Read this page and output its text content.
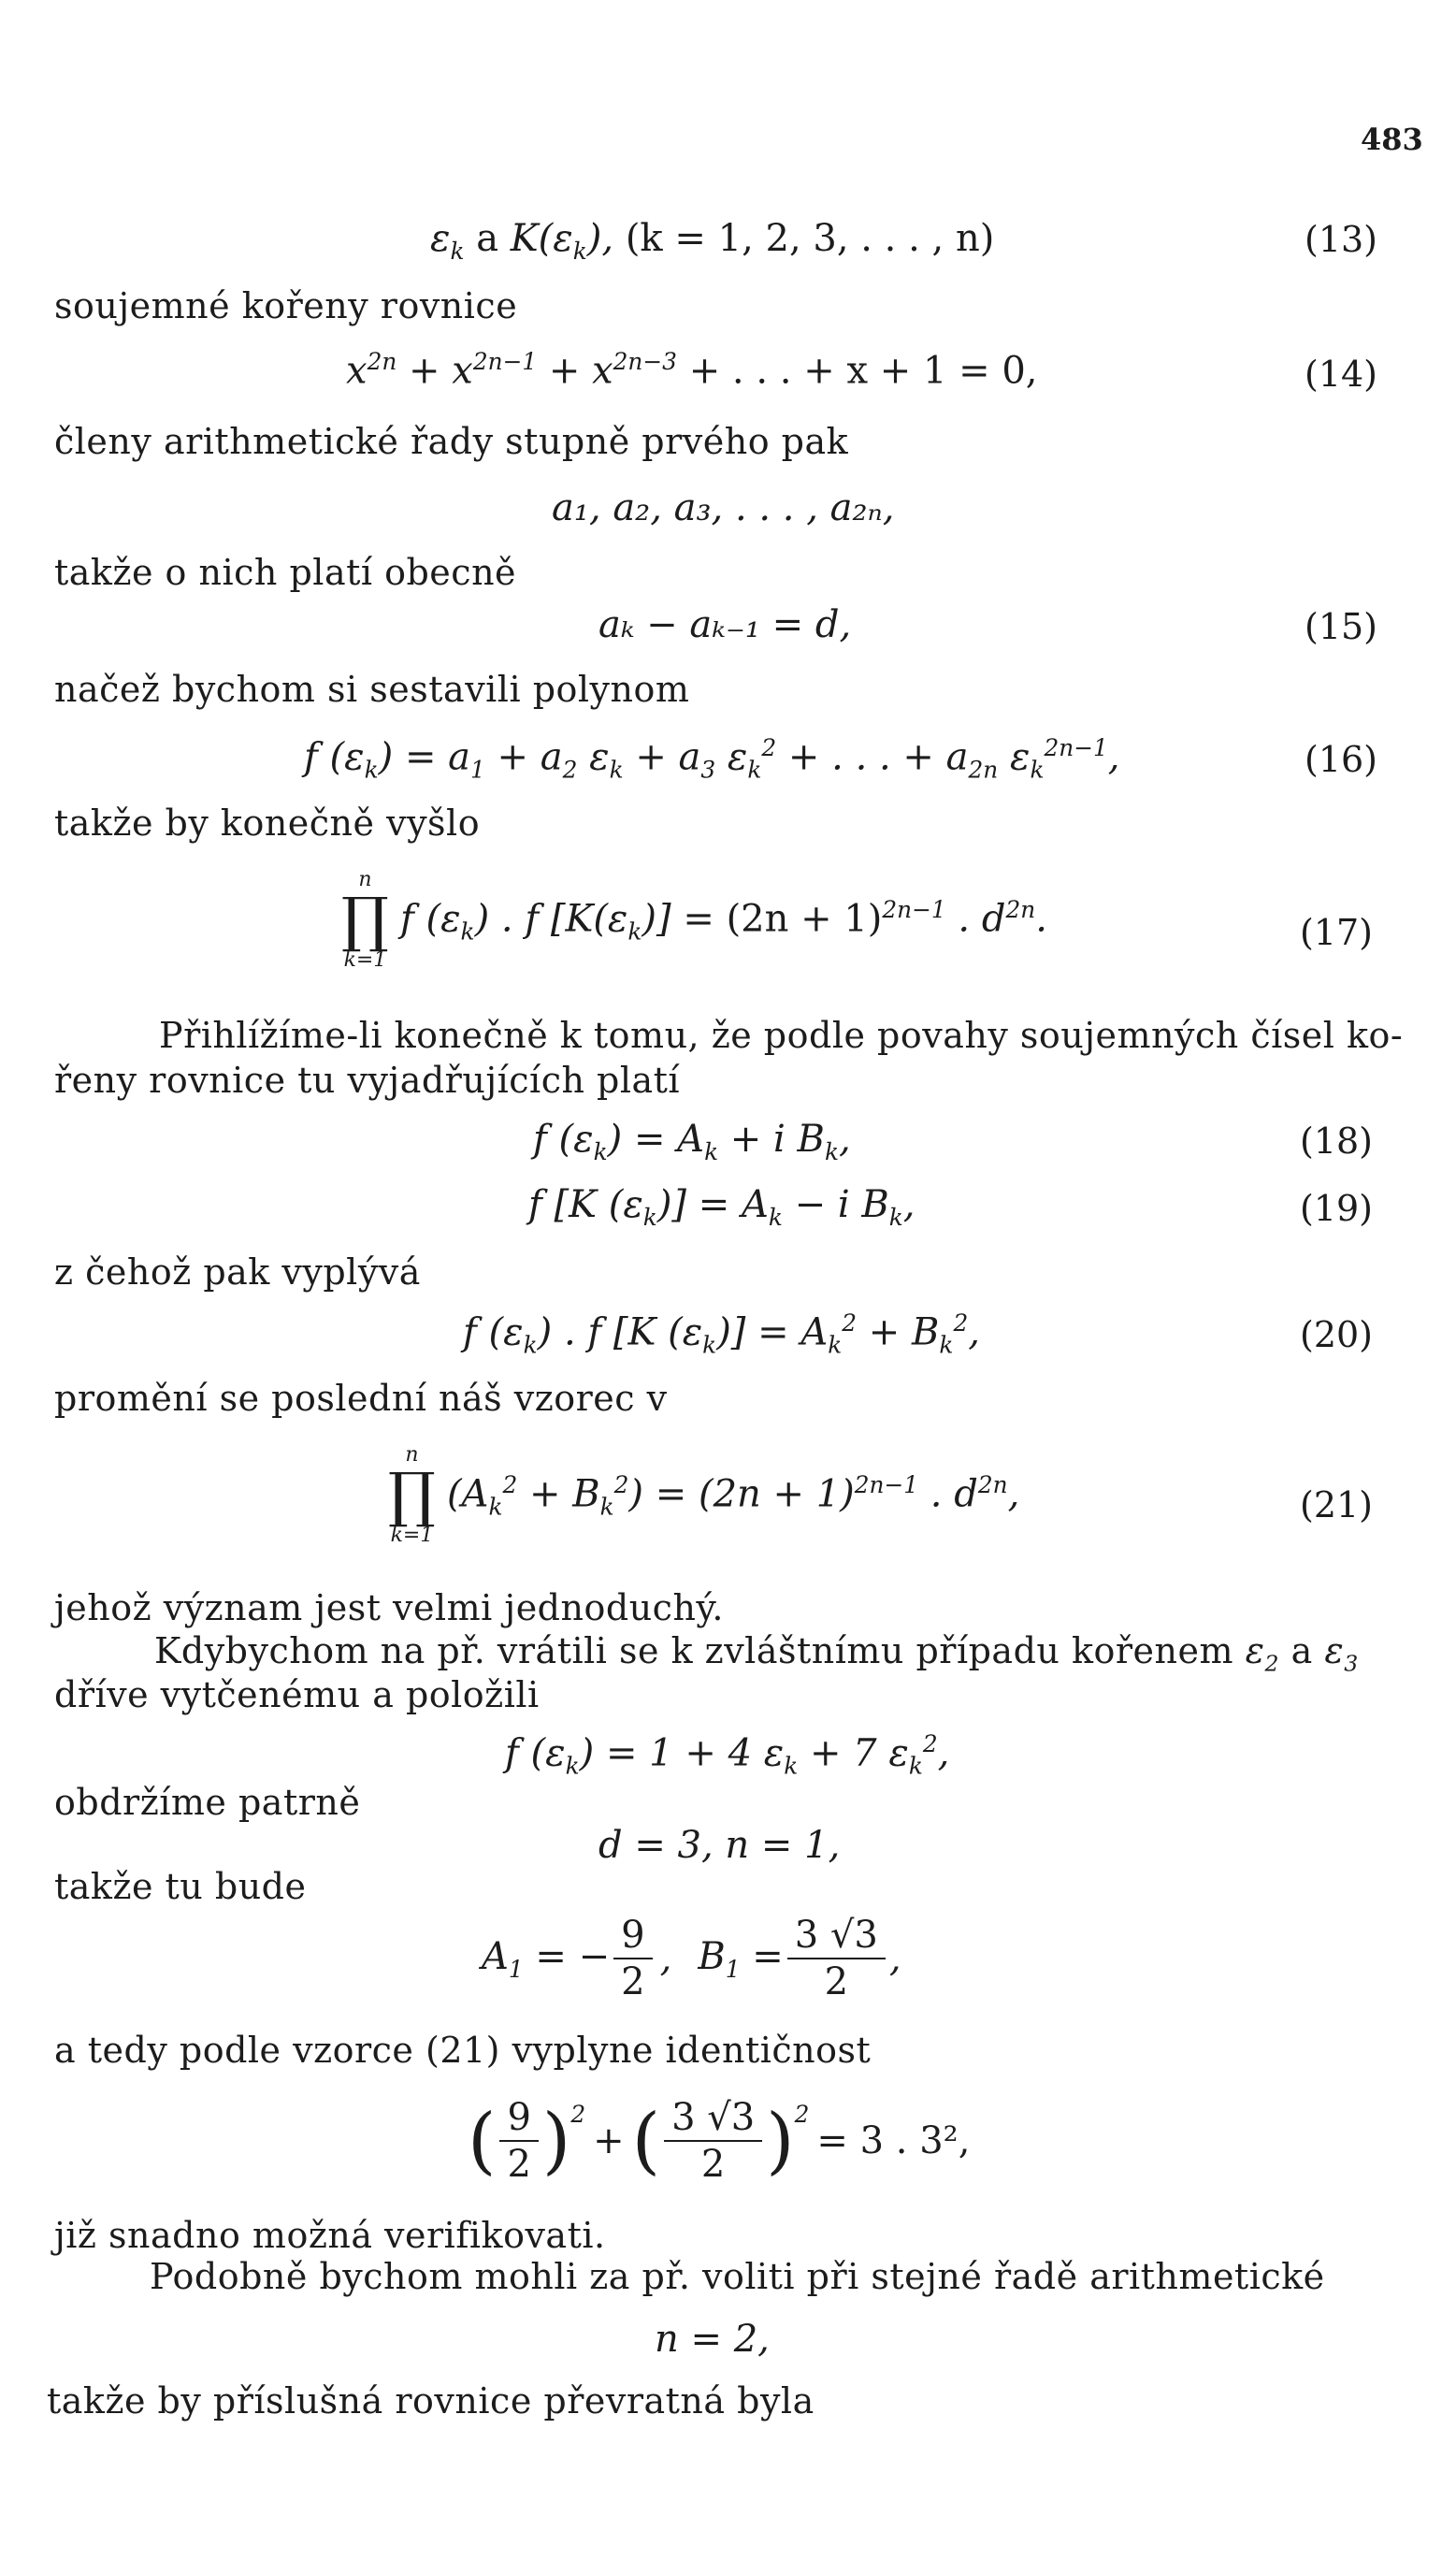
483
$\varepsilon_k$ a $K(\varepsilon_k)$, (k = 1, 2, 3, . . . , n)	(13)
soujemné kořeny rovnice
$x^{2n} + x^{2n-1} + x^{2n-3}$ + . . . + x + 1 = 0,	(14)
členy arithmetické řady stupně prvého pak
a₁, a₂, a₃, . . . , a₂ₙ,
takže o nich platí obecně
aₖ − aₖ₋₁ = d,	(15)
načež bychom si sestavili polynom
f $(\varepsilon_k) = a_1 + a_2$ $\varepsilon_k + a_3$ $\varepsilon_k^2$ + . . . + $a_{2n}$ $\varepsilon_k^{2n-1}$,	(16)
takže by konečně vyšlo
n
∏
k=1
f $(\varepsilon_k)$ . f $[K(\varepsilon_k)] = (2n + 1)^{2n-1}$ . $d^{2n}$.	(17)
Přihlížíme-li konečně k tomu, že podle povahy soujemných čísel ko-
řeny rovnice tu vyjadřujících platí
f $(\varepsilon_k) = A_k + i$ $B_k$,	(18)
f [K $(\varepsilon_k)] = A_k - i$ $B_k$,	(19)
z čehož pak vyplývá
f $(\varepsilon_k)$ . f [K $(\varepsilon_k)] = A_k^2 + B_k^2$,	(20)
promění se poslední náš vzorec v
n
∏
k=1
$(A_k^2 + B_k^2) = (2n + 1)^{2n-1}$ . $d^{2n}$,	(21)
jehož význam jest velmi jednoduchý.
Kdybychom na př. vrátili se k zvláštnímu případu kořenem $\varepsilon_2$ a $\varepsilon_3$
dříve vytčenému a položili
f $(\varepsilon_k) = 1 + 4$ $\varepsilon_k + 7$ $\varepsilon_k^2$,
obdržíme patrně
d = 3, n = 1,
takže tu bude
$A_1$ = − $\frac{9}{2}$ , $B_1 = \frac{3 √3}{2}$ ,
a tedy podle vzorce (21) vyplyne identičnost
( $\frac{9}{2} )^2$
+ ( $\frac{3 √3}{2} )^2$
= 3 . 3²,
již snadno možná verifikovati.
Podobně bychom mohli za př. voliti při stejné řadě arithmetické
n = 2,
takže by příslušná rovnice převratná byla
